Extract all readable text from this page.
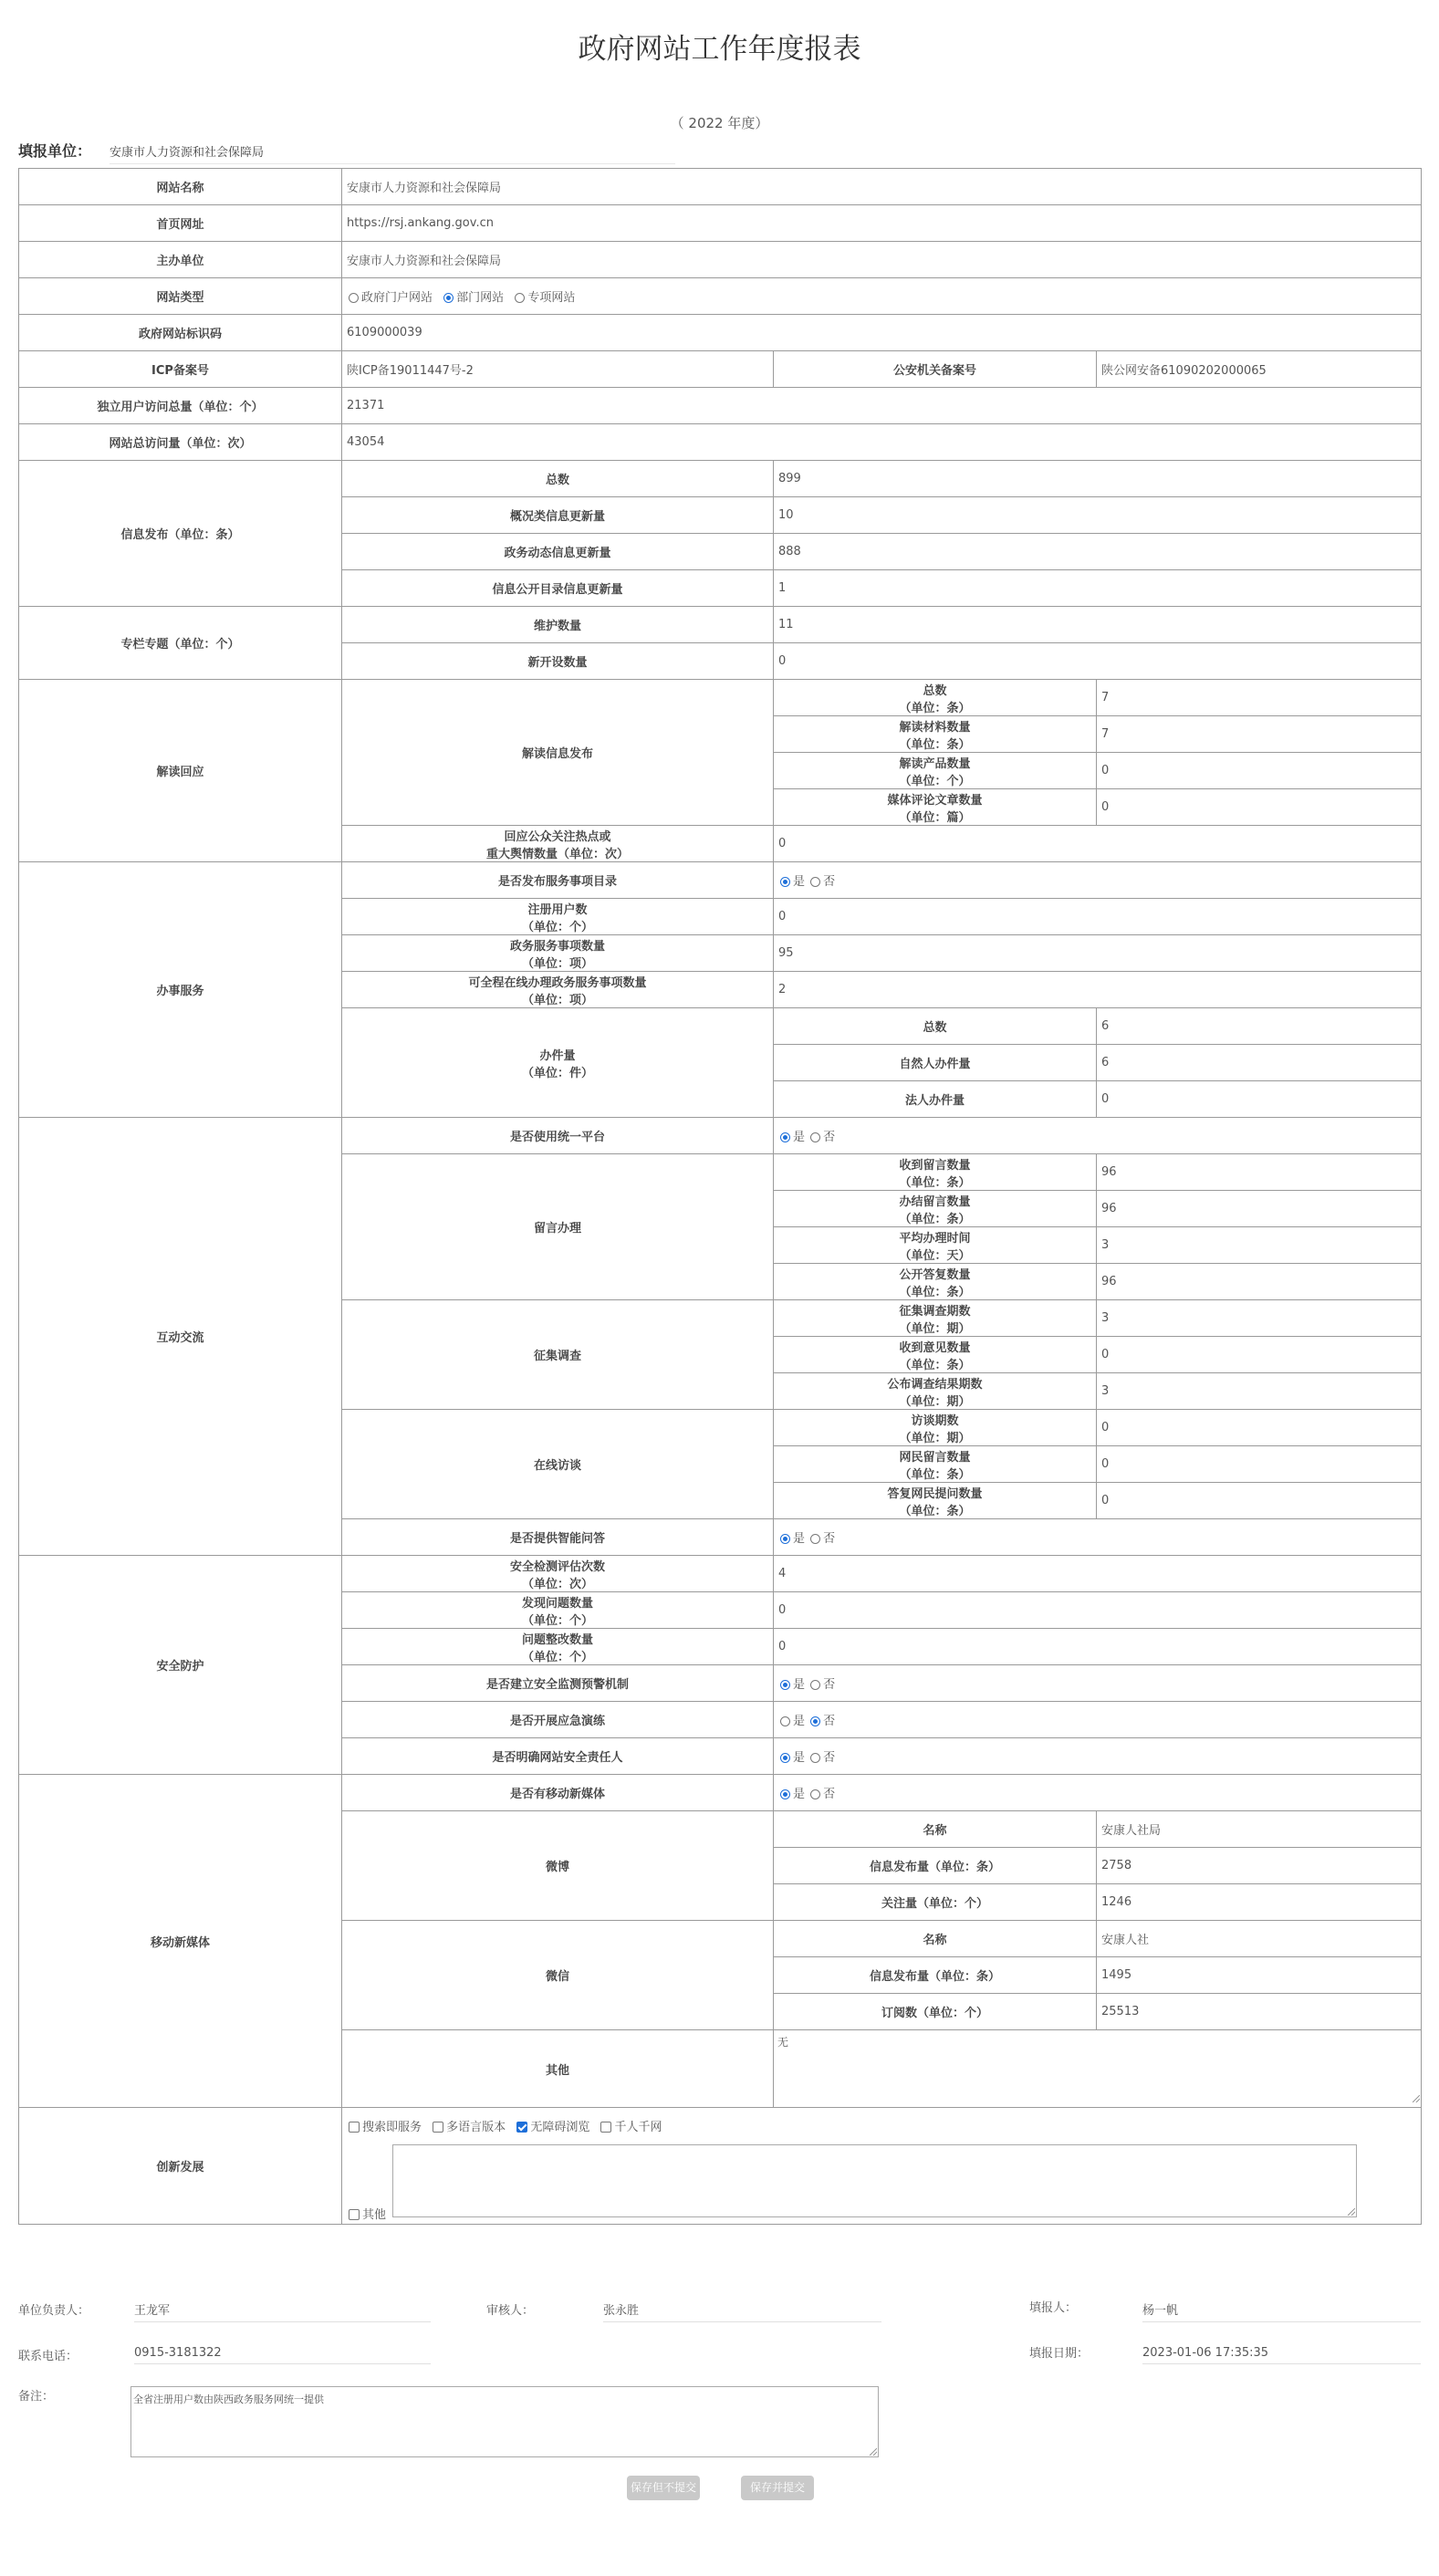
政府网站工作年度报表
（ 2022 年度）
填报单位： 安康市人力资源和社会保障局
网站名称	安康市人力资源和社会保障局		
首页网址	https://rsj.ankang.gov.cn		
主办单位	安康市人力资源和社会保障局		
网站类型	政府门户网站 部门网站 专项网站		
政府网站标识码	6109000039		
ICP备案号	陕ICP备19011447号-2	公安机关备案号	陕公网安备61090202000065
独立用户访问总量（单位：个）	21371		
网站总访问量（单位：次）	43054		
信息发布（单位：条）	总数	899	
	概况类信息更新量	10	
	政务动态信息更新量	888	
	信息公开目录信息更新量	1	
专栏专题（单位：个）	维护数量	11	
	新开设数量	0	
解读回应	解读信息发布	总数
（单位：条）	7
		解读材料数量
（单位：条）	7
		解读产品数量
（单位：个）	0
		媒体评论文章数量
（单位：篇）	0
	回应公众关注热点或
重大舆情数量（单位：次）	0	
办事服务	是否发布服务事项目录	是 否	
	注册用户数
（单位：个）	0	
	政务服务事项数量
（单位：项）	95	
	可全程在线办理政务服务事项数量
（单位：项）	2	
	办件量
（单位：件）	总数	6
		自然人办件量	6
		法人办件量	0
互动交流	是否使用统一平台	是 否	
	留言办理	收到留言数量
（单位：条）	96
		办结留言数量
（单位：条）	96
		平均办理时间
（单位：天）	3
		公开答复数量
（单位：条）	96
	征集调查	征集调查期数
（单位：期）	3
		收到意见数量
（单位：条）	0
		公布调查结果期数
（单位：期）	3
	在线访谈	访谈期数
（单位：期）	0
		网民留言数量
（单位：条）	0
		答复网民提问数量
（单位：条）	0
	是否提供智能问答	是 否	
安全防护	安全检测评估次数
（单位：次）	4	
	发现问题数量
（单位：个）	0	
	问题整改数量
（单位：个）	0	
	是否建立安全监测预警机制	是 否	
	是否开展应急演练	是 否	
	是否明确网站安全责任人	是 否	
移动新媒体	是否有移动新媒体	是 否	
	微博	名称	安康人社局
		信息发布量（单位：条）	2758
		关注量（单位：个）	1246
	微信	名称	安康人社
		信息发布量（单位：条）	1495
		订阅数（单位：个）	25513
	其他	无	

创新发展	搜索即服务 多语言版本 无障碍浏览 千人千网
其他		
单位负责人：	王龙军	审核人：	张永胜	填报人：	杨一帆
联系电话：	0915-3181322	填报日期：	2023-01-06 17:35:35
备注：	全省注册用户数由陕西政务服务网统一提供
保存但不提交	保存并提交
